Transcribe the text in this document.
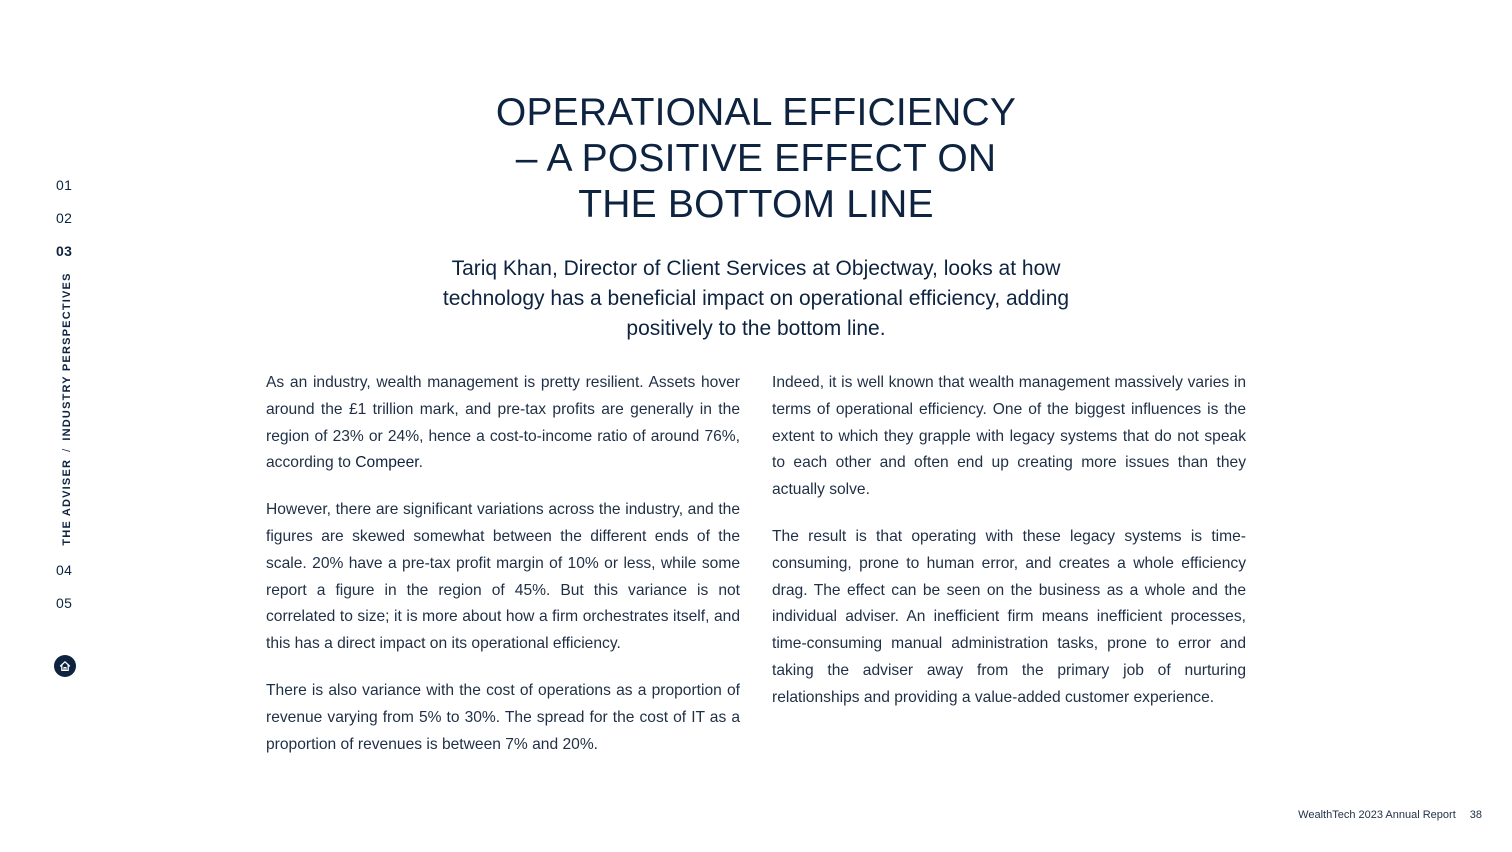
01
02
03
THE ADVISER/INDUSTRY PERSPECTIVES
04
05
OPERATIONAL EFFICIENCY
– A POSITIVE EFFECT ON
THE BOTTOM LINE

Tariq Khan, Director of Client Services at Objectway, looks at how technology has a beneficial impact on operational efficiency, adding positively to the bottom line.

As an industry, wealth management is pretty resilient. Assets hover around the £1 trillion mark, and pre-tax profits are generally in the region of 23% or 24%, hence a cost-to-income ratio of around 76%, according to Compeer.

However, there are significant variations across the industry, and the figures are skewed somewhat between the different ends of the scale. 20% have a pre-tax profit margin of 10% or less, while some report a figure in the region of 45%. But this variance is not correlated to size; it is more about how a firm orchestrates itself, and this has a direct impact on its operational efficiency.

There is also variance with the cost of operations as a proportion of revenue varying from 5% to 30%. The spread for the cost of IT as a proportion of revenues is between 7% and 20%.

Indeed, it is well known that wealth management massively varies in terms of operational efficiency. One of the biggest influences is the extent to which they grapple with legacy systems that do not speak to each other and often end up creating more issues than they actually solve.

The result is that operating with these legacy systems is time-consuming, prone to human error, and creates a whole efficiency drag. The effect can be seen on the business as a whole and the individual adviser. An inefficient firm means inefficient processes, time-consuming manual administration tasks, prone to error and taking the adviser away from the primary job of nurturing relationships and providing a value-added customer experience.

WealthTech 2023 Annual Report 38
